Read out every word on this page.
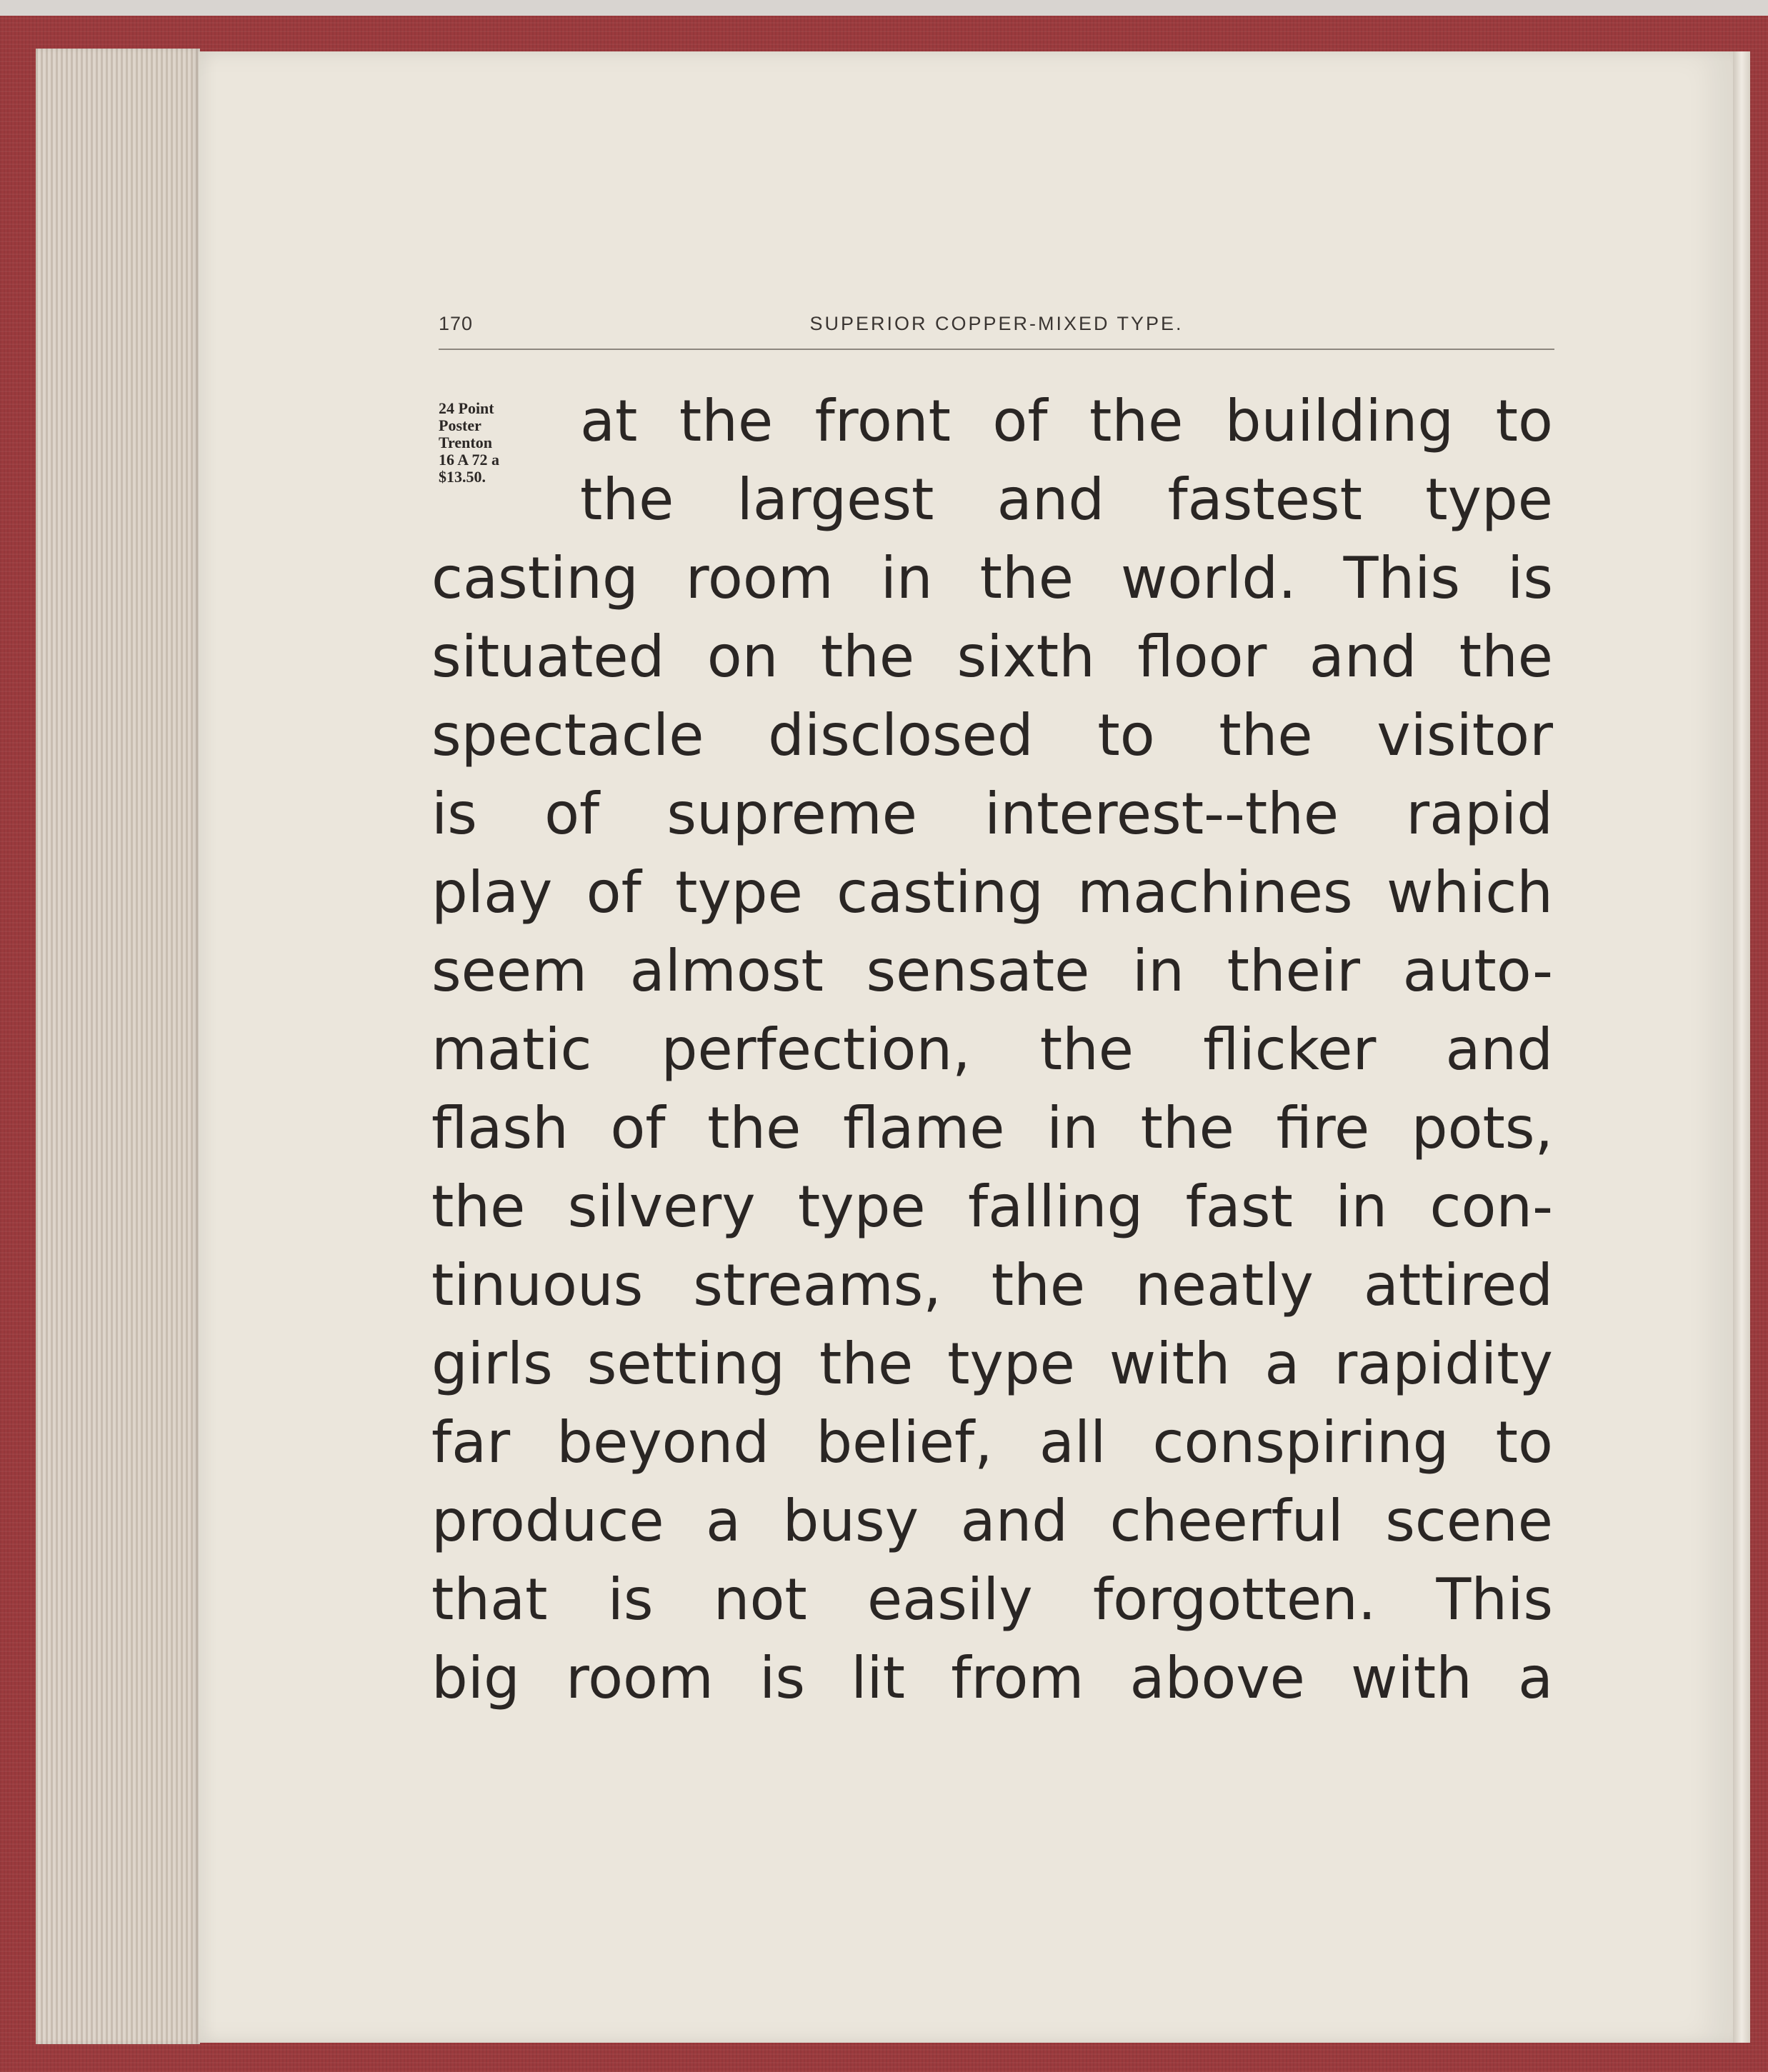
170	SUPERIOR COPPER-MIXED TYPE.
24 Point
Poster
Trenton
16 A 72 a
$13.50.
at the front of the building to
the largest and fastest type
casting room in the world. This is
situated on the sixth floor and the
spectacle disclosed to the visitor
is of supreme interest--the rapid
play of type casting machines which
seem almost sensate in their auto-
matic perfection, the flicker and
flash of the flame in the fire pots,
the silvery type falling fast in con-
tinuous streams, the neatly attired
girls setting the type with a rapidity
far beyond belief, all conspiring to
produce a busy and cheerful scene
that is not easily forgotten. This
big room is lit from above with a
